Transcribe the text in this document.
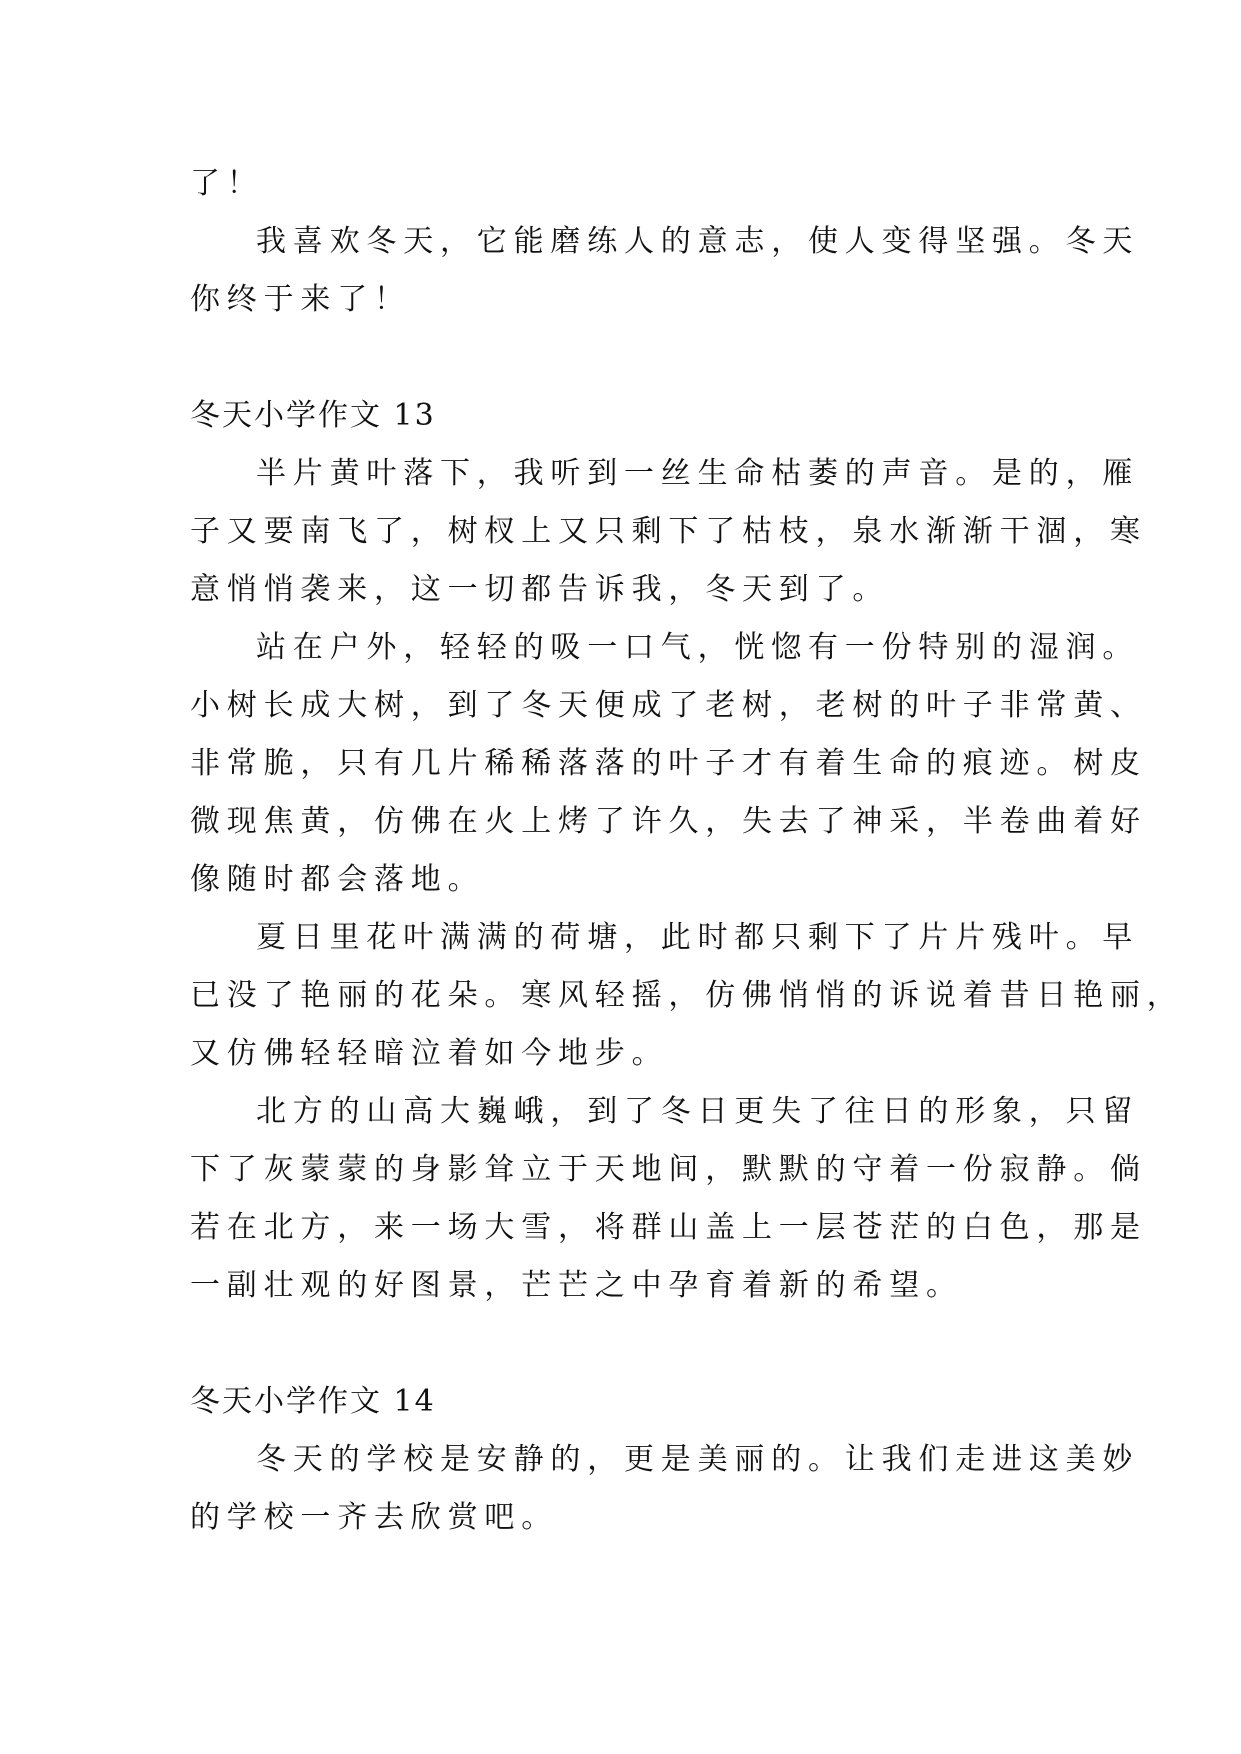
了！
我喜欢冬天，它能磨练人的意志，使人变得坚强。冬天
你终于来了！
冬天小学作文 13
半片黄叶落下，我听到一丝生命枯萎的声音。是的，雁
子又要南飞了，树杈上又只剩下了枯枝，泉水渐渐干涸，寒
意悄悄袭来，这一切都告诉我，冬天到了。
站在户外，轻轻的吸一口气，恍惚有一份特别的湿润。
小树长成大树，到了冬天便成了老树，老树的叶子非常黄、
非常脆，只有几片稀稀落落的叶子才有着生命的痕迹。树皮
微现焦黄，仿佛在火上烤了许久，失去了神采，半卷曲着好
像随时都会落地。
夏日里花叶满满的荷塘，此时都只剩下了片片残叶。早
已没了艳丽的花朵。寒风轻摇，仿佛悄悄的诉说着昔日艳丽，
又仿佛轻轻暗泣着如今地步。
北方的山高大巍峨，到了冬日更失了往日的形象，只留
下了灰蒙蒙的身影耸立于天地间，默默的守着一份寂静。倘
若在北方，来一场大雪，将群山盖上一层苍茫的白色，那是
一副壮观的好图景，芒芒之中孕育着新的希望。
冬天小学作文 14
冬天的学校是安静的，更是美丽的。让我们走进这美妙
的学校一齐去欣赏吧。
